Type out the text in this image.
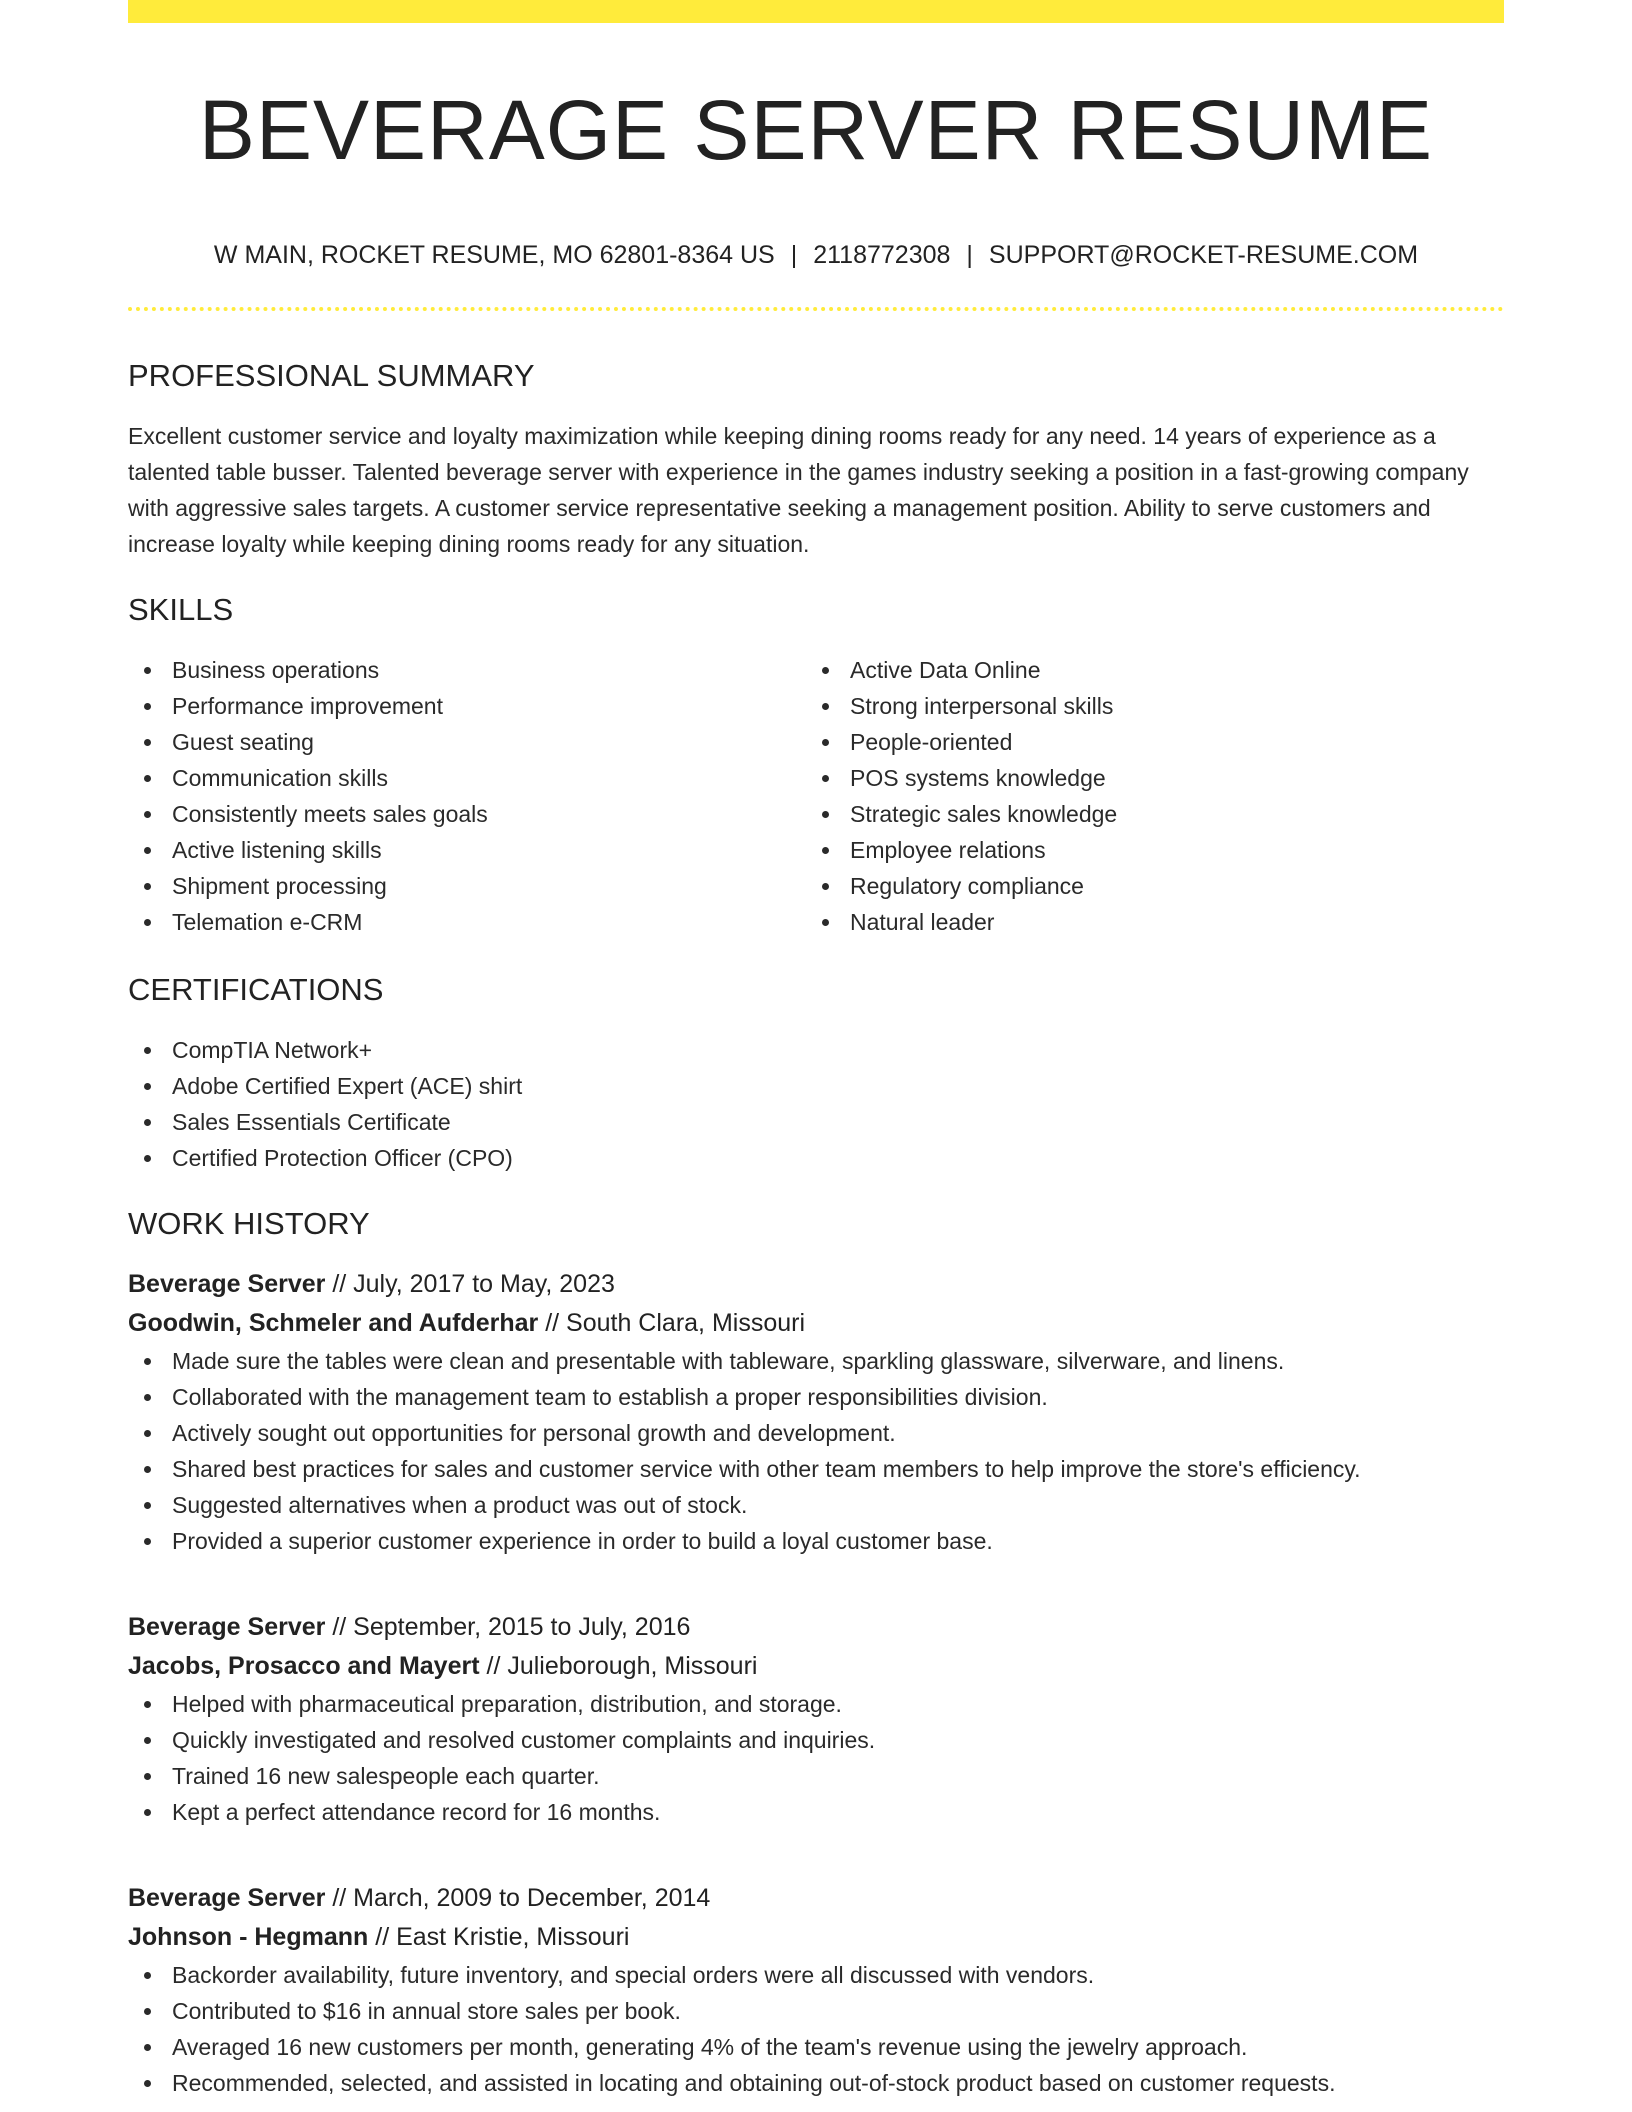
BEVERAGE SERVER RESUME
W MAIN, ROCKET RESUME, MO 62801-8364 US | 2118772308 | SUPPORT@ROCKET-RESUME.COM
PROFESSIONAL SUMMARY
Excellent customer service and loyalty maximization while keeping dining rooms ready for any need. 14 years of experience as a talented table busser. Talented beverage server with experience in the games industry seeking a position in a fast-growing company with aggressive sales targets. A customer service representative seeking a management position. Ability to serve customers and increase loyalty while keeping dining rooms ready for any situation.
SKILLS
Business operations
Performance improvement
Guest seating
Communication skills
Consistently meets sales goals
Active listening skills
Shipment processing
Telemation e-CRM
Active Data Online
Strong interpersonal skills
People-oriented
POS systems knowledge
Strategic sales knowledge
Employee relations
Regulatory compliance
Natural leader
CERTIFICATIONS
CompTIA Network+
Adobe Certified Expert (ACE) shirt
Sales Essentials Certificate
Certified Protection Officer (CPO)
WORK HISTORY
Beverage Server // July, 2017 to May, 2023
Goodwin, Schmeler and Aufderhar // South Clara, Missouri
Made sure the tables were clean and presentable with tableware, sparkling glassware, silverware, and linens.
Collaborated with the management team to establish a proper responsibilities division.
Actively sought out opportunities for personal growth and development.
Shared best practices for sales and customer service with other team members to help improve the store's efficiency.
Suggested alternatives when a product was out of stock.
Provided a superior customer experience in order to build a loyal customer base.
Beverage Server // September, 2015 to July, 2016
Jacobs, Prosacco and Mayert // Julieborough, Missouri
Helped with pharmaceutical preparation, distribution, and storage.
Quickly investigated and resolved customer complaints and inquiries.
Trained 16 new salespeople each quarter.
Kept a perfect attendance record for 16 months.
Beverage Server // March, 2009 to December, 2014
Johnson - Hegmann // East Kristie, Missouri
Backorder availability, future inventory, and special orders were all discussed with vendors.
Contributed to $16 in annual store sales per book.
Averaged 16 new customers per month, generating 4% of the team's revenue using the jewelry approach.
Recommended, selected, and assisted in locating and obtaining out-of-stock product based on customer requests.
